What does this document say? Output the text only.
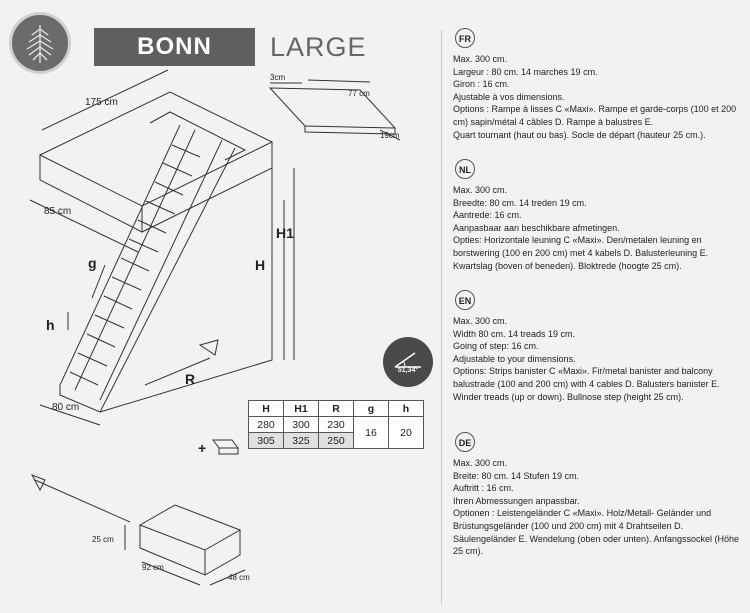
BONN	LARGE
175 cm
85 cm
80 cm
H1
H
g
h
R
3cm
77 cm
19cm
25 cm
92 cm
48 cm
51,34°
+
H	H1	R	g	h
280	300	230	16	20
305	325	250		
FR
Max. 300 cm.
Largeur : 80 cm. 14 marches 19 cm.
Giron : 16 cm.
Ajustable à vos dimensions.
Options : Rampe à lisses C «Maxi». Rampe et garde-corps (100 et 200 cm) sapin/métal 4 câbles D. Rampe à balustres E.
Quart tournant (haut ou bas). Socle de départ (hauteur 25 cm.).
NL
Max. 300 cm.
Breedte: 80 cm. 14 treden 19 cm.
Aantrede: 16 cm.
Aanpasbaar aan beschikbare afmetingen.
Opties: Horizontale leuning C «Maxi». Den/metalen leuning en borstwering (100 en 200 cm) met 4 kabels D. Balusterleuning E.
Kwartslag (boven of beneden). Bloktrede (hoogte 25 cm).
EN
Max. 300 cm.
Width 80 cm. 14 treads 19 cm.
Going of step: 16 cm.
Adjustable to your dimensions.
Options: Strips banister C «Maxi». Fir/metal banister and balcony balustrade (100 and 200 cm) with 4 cables D. Balusters banister E.
Winder treads (up or down). Bullnose step (height 25 cm).
DE
Max. 300 cm.
Breite: 80 cm. 14 Stufen 19 cm.
Auftritt : 16 cm.
Ihren Abmessungen anpassbar.
Optionen : Leistengeländer C «Maxi». Holz/Metall- Geländer und Brüstungsgeländer (100 und 200 cm) mit 4 Drahtseilen D. Säulengeländer E. Wendelung (oben oder unten). Anfangssockel (Höhe 25 cm).
